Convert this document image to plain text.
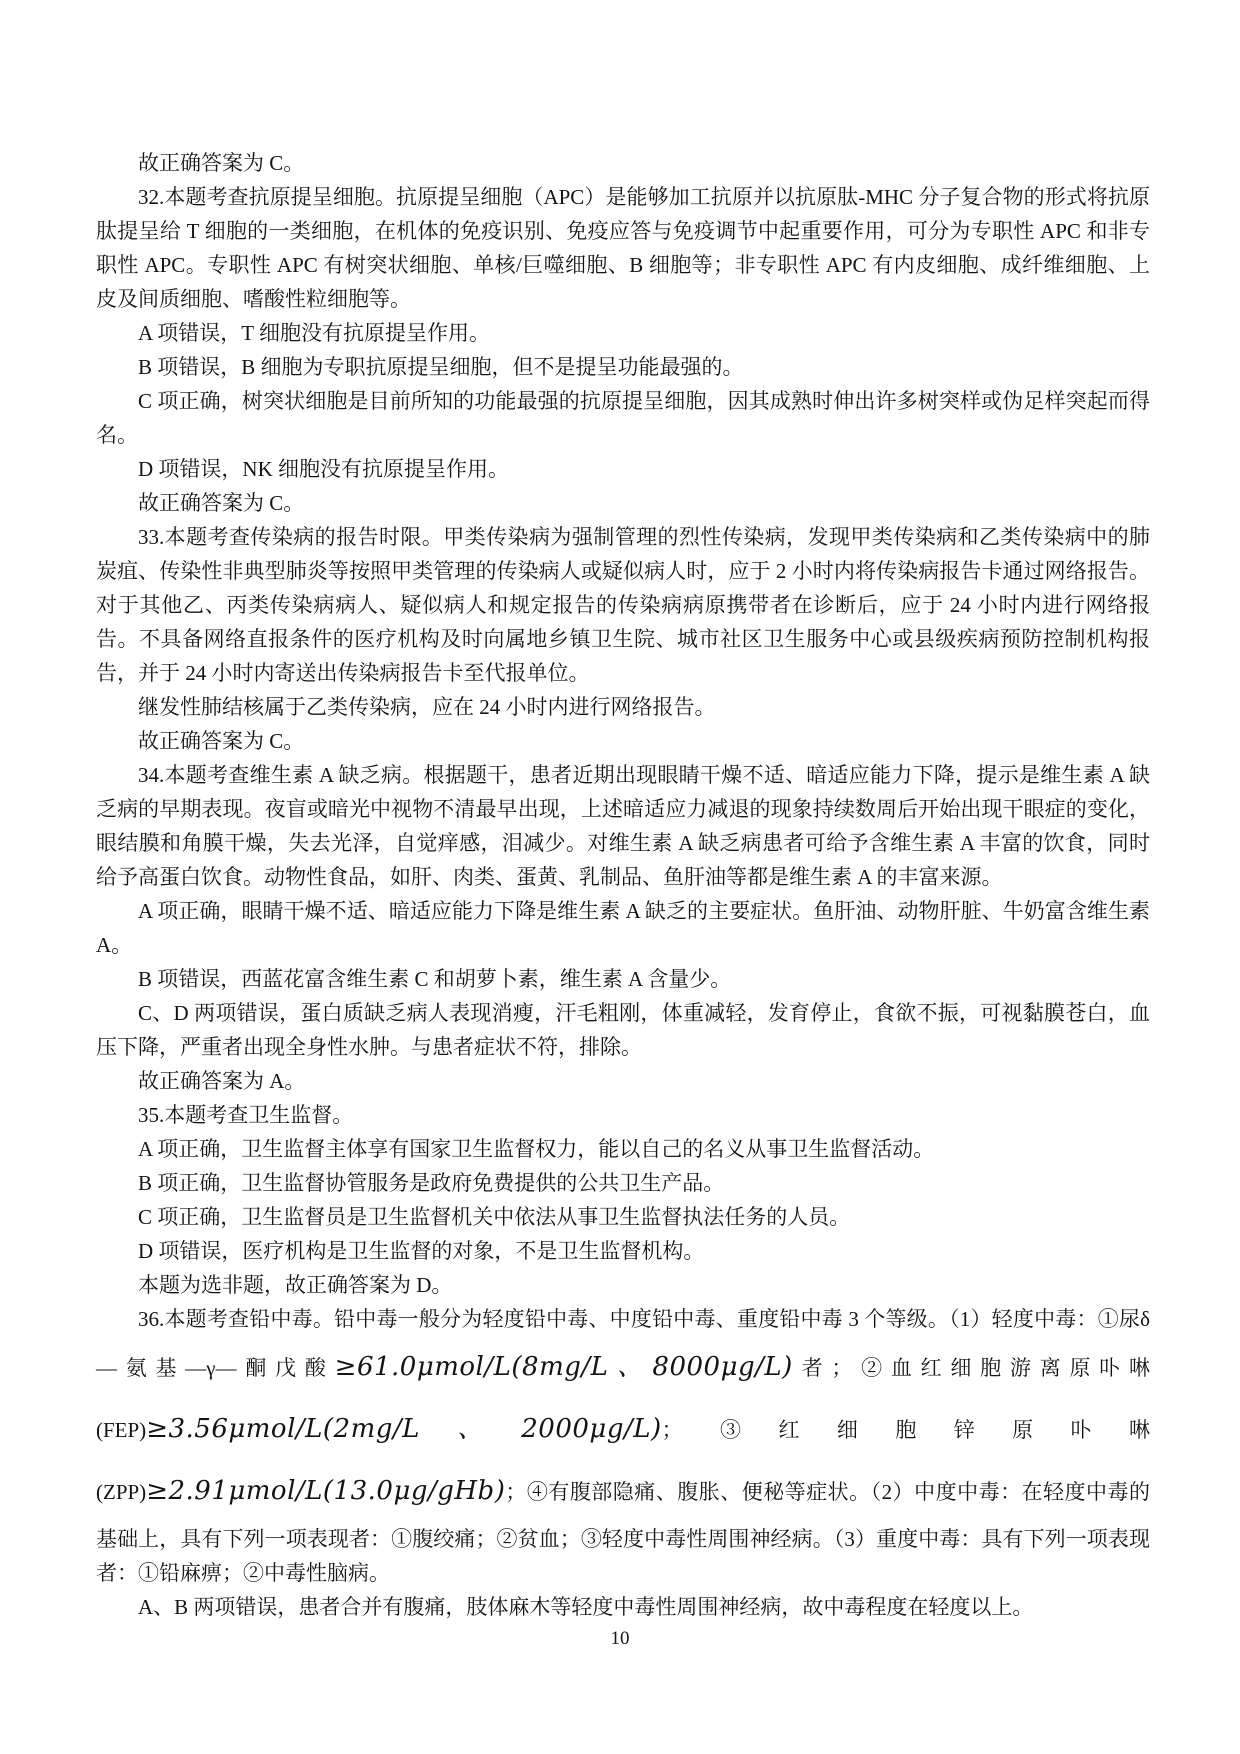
故正确答案为 C。

32.本题考查抗原提呈细胞。抗原提呈细胞（APC）是能够加工抗原并以抗原肽-MHC 分子复合物的形式将抗原肽提呈给 T 细胞的一类细胞，在机体的免疫识别、免疫应答与免疫调节中起重要作用，可分为专职性 APC 和非专职性 APC。专职性 APC 有树突状细胞、单核/巨噬细胞、B 细胞等；非专职性 APC 有内皮细胞、成纤维细胞、上皮及间质细胞、嗜酸性粒细胞等。

A 项错误，T 细胞没有抗原提呈作用。

B 项错误，B 细胞为专职抗原提呈细胞，但不是提呈功能最强的。

C 项正确，树突状细胞是目前所知的功能最强的抗原提呈细胞，因其成熟时伸出许多树突样或伪足样突起而得名。

D 项错误，NK 细胞没有抗原提呈作用。

故正确答案为 C。

33.本题考查传染病的报告时限。甲类传染病为强制管理的烈性传染病，发现甲类传染病和乙类传染病中的肺炭疽、传染性非典型肺炎等按照甲类管理的传染病人或疑似病人时，应于 2 小时内将传染病报告卡通过网络报告。对于其他乙、丙类传染病病人、疑似病人和规定报告的传染病病原携带者在诊断后，应于 24 小时内进行网络报告。不具备网络直报条件的医疗机构及时向属地乡镇卫生院、城市社区卫生服务中心或县级疾病预防控制机构报告，并于 24 小时内寄送出传染病报告卡至代报单位。

继发性肺结核属于乙类传染病，应在 24 小时内进行网络报告。

故正确答案为 C。

34.本题考查维生素 A 缺乏病。根据题干，患者近期出现眼睛干燥不适、暗适应能力下降，提示是维生素 A 缺乏病的早期表现。夜盲或暗光中视物不清最早出现，上述暗适应力减退的现象持续数周后开始出现干眼症的变化，眼结膜和角膜干燥，失去光泽，自觉痒感，泪减少。对维生素 A 缺乏病患者可给予含维生素 A 丰富的饮食，同时给予高蛋白饮食。动物性食品，如肝、肉类、蛋黄、乳制品、鱼肝油等都是维生素 A 的丰富来源。

A 项正确，眼睛干燥不适、暗适应能力下降是维生素 A 缺乏的主要症状。鱼肝油、动物肝脏、牛奶富含维生素 A。

B 项错误，西蓝花富含维生素 C 和胡萝卜素，维生素 A 含量少。

C、D 两项错误，蛋白质缺乏病人表现消瘦，汗毛粗刚，体重减轻，发育停止，食欲不振，可视黏膜苍白，血压下降，严重者出现全身性水肿。与患者症状不符，排除。

故正确答案为 A。

35.本题考查卫生监督。

A 项正确，卫生监督主体享有国家卫生监督权力，能以自己的名义从事卫生监督活动。

B 项正确，卫生监督协管服务是政府免费提供的公共卫生产品。

C 项正确，卫生监督员是卫生监督机关中依法从事卫生监督执法任务的人员。

D 项错误，医疗机构是卫生监督的对象，不是卫生监督机构。

本题为选非题，故正确答案为 D。

36.本题考查铅中毒。铅中毒一般分为轻度铅中毒、中度铅中毒、重度铅中毒 3 个等级。（1）轻度中毒：①尿δ—氨基—γ—酮戊酸≥61.0μmol/L(8mg/L、8000μg/L)者；②血红细胞游离原卟啉(FEP)≥3.56μmol/L(2mg/L、2000μg/L)；③红细胞锌原卟啉(ZPP)≥2.91μmol/L(13.0μg/gHb)；④有腹部隐痛、腹胀、便秘等症状。（2）中度中毒：在轻度中毒的基础上，具有下列一项表现者：①腹绞痛；②贫血；③轻度中毒性周围神经病。（3）重度中毒：具有下列一项表现者：①铅麻痹；②中毒性脑病。

A、B 两项错误，患者合并有腹痛，肢体麻木等轻度中毒性周围神经病，故中毒程度在轻度以上。

10
